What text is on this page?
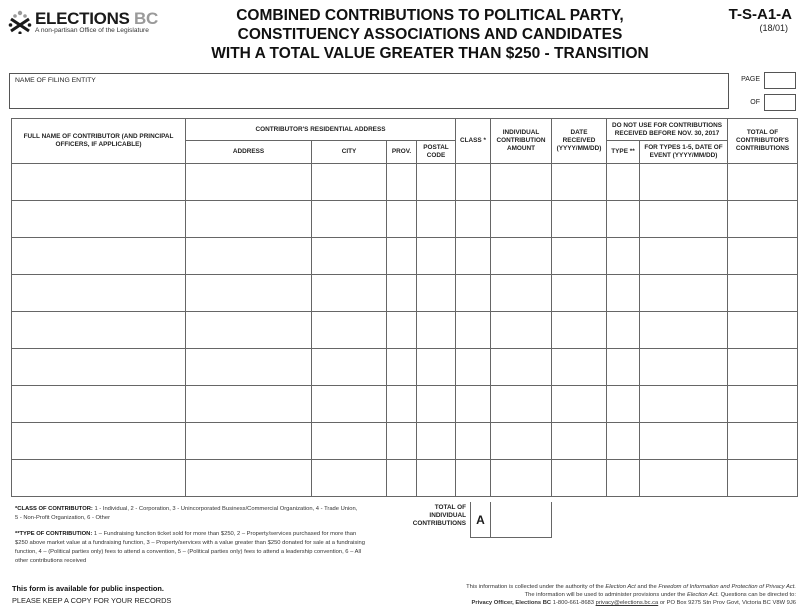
ELECTIONS BC
A non-partisan Office of the Legislature
COMBINED CONTRIBUTIONS TO POLITICAL PARTY,
CONSTITUENCY ASSOCIATIONS AND CANDIDATES
WITH A TOTAL VALUE GREATER THAN $250 - TRANSITION
T-S-A1-A
(18/01)
NAME OF FILING ENTITY	PAGE
OF
FULL NAME OF CONTRIBUTOR (AND PRINCIPAL OFFICERS, IF APPLICABLE)	CONTRIBUTOR'S RESIDENTIAL ADDRESS				CLASS *	INDIVIDUAL CONTRIBUTION AMOUNT	DATE RECEIVED (YYYY/MM/DD)	DO NOT USE FOR CONTRIBUTIONS RECEIVED BEFORE NOV. 30, 2017		TOTAL OF CONTRIBUTOR'S CONTRIBUTIONS
	ADDRESS	CITY	PROV.	POSTAL CODE				TYPE **	FOR TYPES 1-5, DATE OF EVENT (YYYY/MM/DD)	

TOTAL OF INDIVIDUAL CONTRIBUTIONS A
*CLASS OF CONTRIBUTOR: 1 - Individual, 2 - Corporation, 3 - Unincorporated Business/Commercial Organization, 4 - Trade Union, 5 - Non-Profit Organization, 6 - Other
**TYPE OF CONTRIBUTION: 1 – Fundraising function ticket sold for more than $250, 2 – Property/services purchased for more than $250 above market value at a fundraising function, 3 – Property/services with a value greater than $250 donated for sale at a fundraising function, 4 – (Political parties only) fees to attend a convention, 5 – (Political parties only) fees to attend a leadership convention, 6 – All other contributions received
This form is available for public inspection.
PLEASE KEEP A COPY FOR YOUR RECORDS
This information is collected under the authority of the Election Act and the Freedom of Information and Protection of Privacy Act.
The information will be used to administer provisions under the Election Act. Questions can be directed to:
Privacy Officer, Elections BC 1-800-661-8683 privacy@elections.bc.ca or PO Box 9275 Stn Prov Govt, Victoria BC V8W 9J6
